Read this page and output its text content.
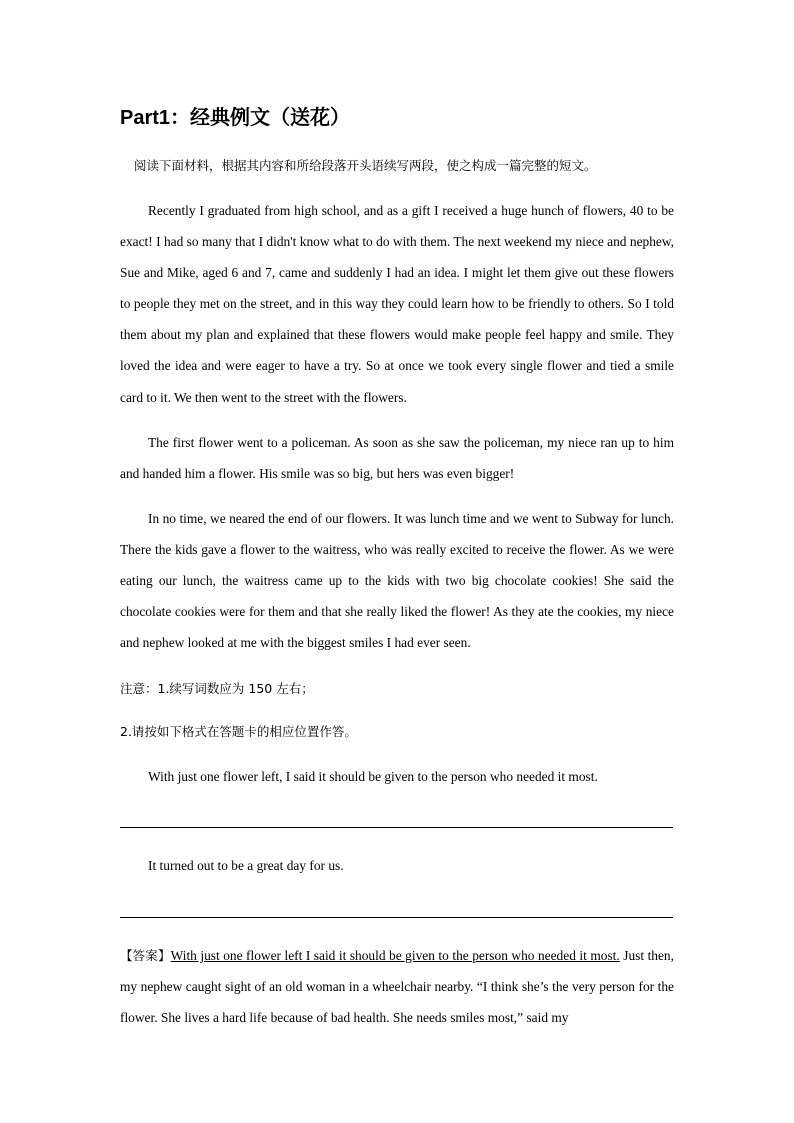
Part1：经典例文（送花）
阅读下面材料，根据其内容和所给段落开头语续写两段，使之构成一篇完整的短文。

Recently I graduated from high school, and as a gift I received a huge hunch of flowers, 40 to be exact! I had so many that I didn't know what to do with them. The next weekend my niece and nephew, Sue and Mike, aged 6 and 7, came and suddenly I had an idea. I might let them give out these flowers to people they met on the street, and in this way they could learn how to be friendly to others. So I told them about my plan and explained that these flowers would make people feel happy and smile. They loved the idea and were eager to have a try. So at once we took every single flower and tied a smile card to it. We then went to the street with the flowers.

The first flower went to a policeman. As soon as she saw the policeman, my niece ran up to him and handed him a flower. His smile was so big, but hers was even bigger!

In no time, we neared the end of our flowers. It was lunch time and we went to Subway for lunch. There the kids gave a flower to the waitress, who was really excited to receive the flower. As we were eating our lunch, the waitress came up to the kids with two big chocolate cookies! She said the chocolate cookies were for them and that she really liked the flower! As they ate the cookies, my niece and nephew looked at me with the biggest smiles I had ever seen.

注意：1.续写词数应为 150 左右；
2.请按如下格式在答题卡的相应位置作答。
With just one flower left, I said it should be given to the person who needed it most.
It turned out to be a great day for us.

【答案】With just one flower left I said it should be given to the person who needed it most. Just then, my nephew caught sight of an old woman in a wheelchair nearby. “I think she’s the very person for the flower. She lives a hard life because of bad health. She needs smiles most,” said my
